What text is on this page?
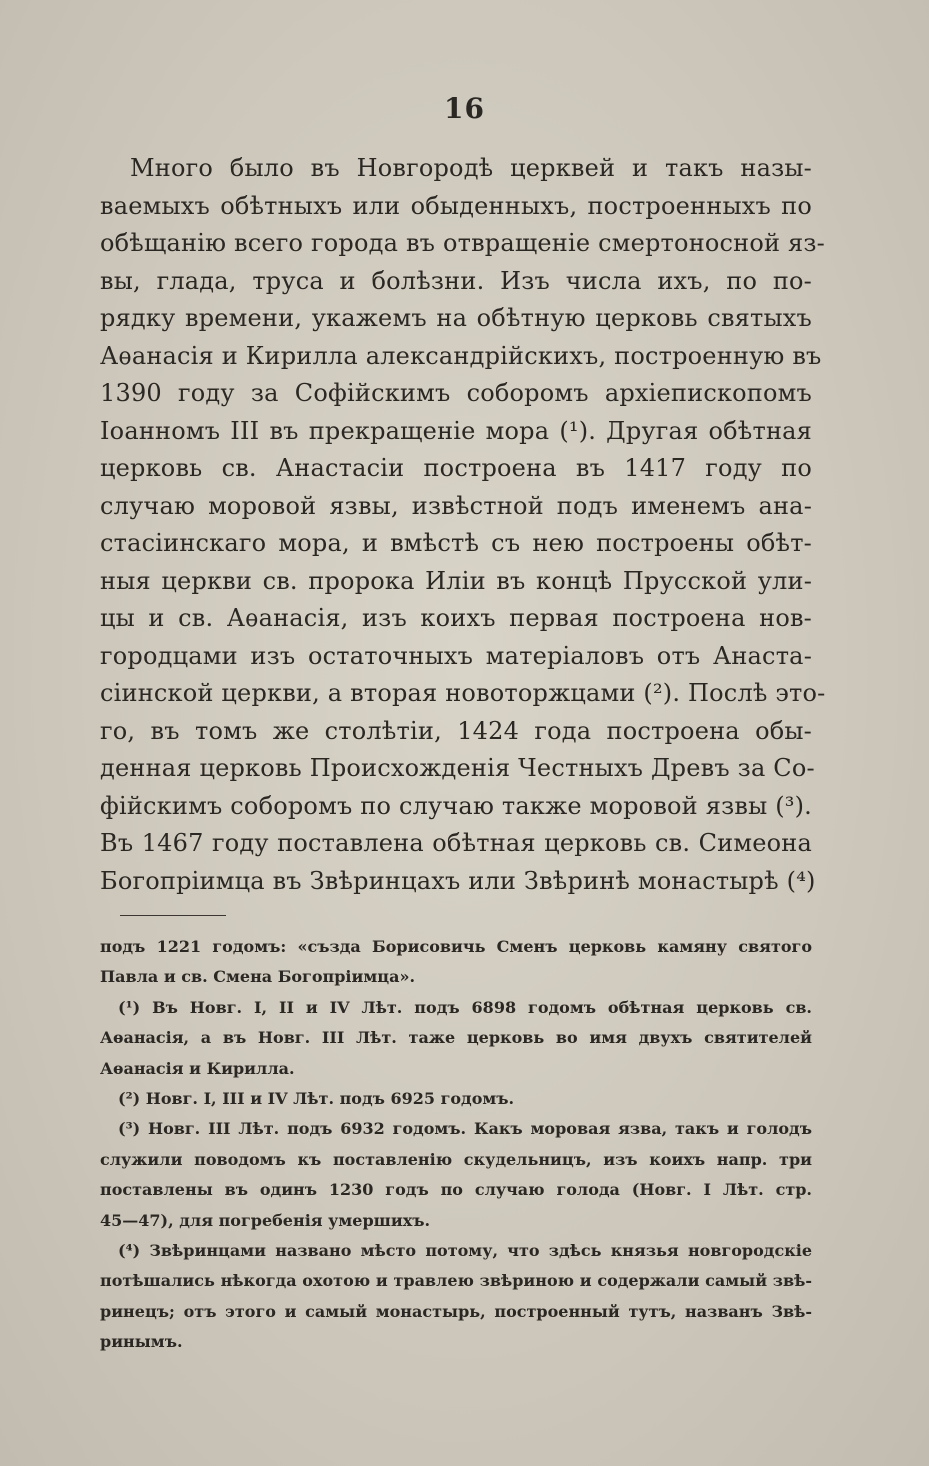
16
Много было въ Новгородѣ церквей и такъ назы-
ваемыхъ обѣтныхъ или обыденныхъ, построенныхъ по
обѣщанію всего города въ отвращеніе смертоносной яз-
вы, глада, труса и болѣзни. Изъ числа ихъ, по по-
рядку времени, укажемъ на обѣтную церковь святыхъ
Аѳанасія и Кирилла александрійскихъ, построенную въ
1390 году за Софійскимъ соборомъ архіепископомъ
Іоанномъ III въ прекращеніе мора (¹). Другая обѣтная
церковь св. Анастасіи построена въ 1417 году по
случаю моровой язвы, извѣстной подъ именемъ ана-
стасіинскаго мора, и вмѣстѣ съ нею построены обѣт-
ныя церкви св. пророка Иліи въ концѣ Прусской ули-
цы и св. Аѳанасія, изъ коихъ первая построена нов-
городцами изъ остаточныхъ матеріаловъ отъ Анаста-
сіинской церкви, а вторая новоторжцами (²). Послѣ это-
го, въ томъ же столѣтіи, 1424 года построена обы-
денная церковь Происхожденія Честныхъ Древъ за Со-
фійскимъ соборомъ по случаю также моровой язвы (³).
Въ 1467 году поставлена обѣтная церковь св. Симеона
Богопріимца въ Звѣринцахъ или Звѣринѣ монастырѣ (⁴)
подъ 1221 годомъ: «създа Борисовичь Сменъ церковь камяну святого
Павла и св. Смена Богопріимца».
(¹) Въ Новг. I, II и IV Лѣт. подъ 6898 годомъ обѣтная церковь св.
Аѳанасія, а въ Новг. III Лѣт. таже церковь во имя двухъ святителей
Аѳанасія и Кирилла.
(²) Новг. I, III и IV Лѣт. подъ 6925 годомъ.
(³) Новг. III Лѣт. подъ 6932 годомъ. Какъ моровая язва, такъ и голодъ
служили поводомъ къ поставленію скудельницъ, изъ коихъ напр. три
поставлены въ одинъ 1230 годъ по случаю голода (Новг. I Лѣт. стр.
45—47), для погребенія умершихъ.
(⁴) Звѣринцами названо мѣсто потому, что здѣсь князья новгородскіе
потѣшались нѣкогда охотою и травлею звѣриною и содержали самый звѣ-
ринецъ; отъ этого и самый монастырь, построенный тутъ, названъ Звѣ-
ринымъ.
